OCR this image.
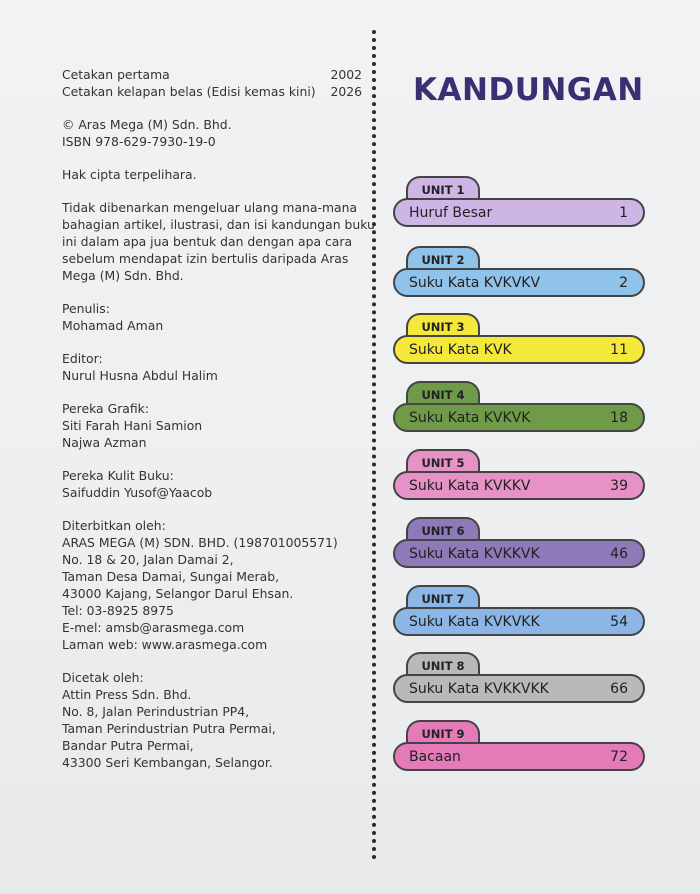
Cetakan pertama	2002
Cetakan kelapan belas (Edisi kemas kini) 2026
© Aras Mega (M) Sdn. Bhd.
ISBN 978-629-7930-19-0
Hak cipta terpelihara.
Tidak dibenarkan mengeluar ulang mana-mana
bahagian artikel, ilustrasi, dan isi kandungan buku
ini dalam apa jua bentuk dan dengan apa cara
sebelum mendapat izin bertulis daripada Aras
Mega (M) Sdn. Bhd.
Penulis:
Mohamad Aman
Editor:
Nurul Husna Abdul Halim
Pereka Grafik:
Siti Farah Hani Samion
Najwa Azman
Pereka Kulit Buku:
Saifuddin Yusof@Yaacob
Diterbitkan oleh:
ARAS MEGA (M) SDN. BHD. (198701005571)
No. 18 & 20, Jalan Damai 2,
Taman Desa Damai, Sungai Merab,
43000 Kajang, Selangor Darul Ehsan.
Tel: 03-8925 8975
E-mel: amsb@arasmega.com
Laman web: www.arasmega.com
Dicetak oleh:
Attin Press Sdn. Bhd.
No. 8, Jalan Perindustrian PP4,
Taman Perindustrian Putra Permai,
Bandar Putra Permai,
43300 Seri Kembangan, Selangor.
KANDUNGAN
UNIT 1
Huruf Besar	1
UNIT 2
Suku Kata KVKVKV	2
UNIT 3
Suku Kata KVK	11
UNIT 4
Suku Kata KVKVK	18
UNIT 5
Suku Kata KVKKV	39
UNIT 6
Suku Kata KVKKVK	46
UNIT 7
Suku Kata KVKVKK	54
UNIT 8
Suku Kata KVKKVKK	66
UNIT 9
Bacaan	72
